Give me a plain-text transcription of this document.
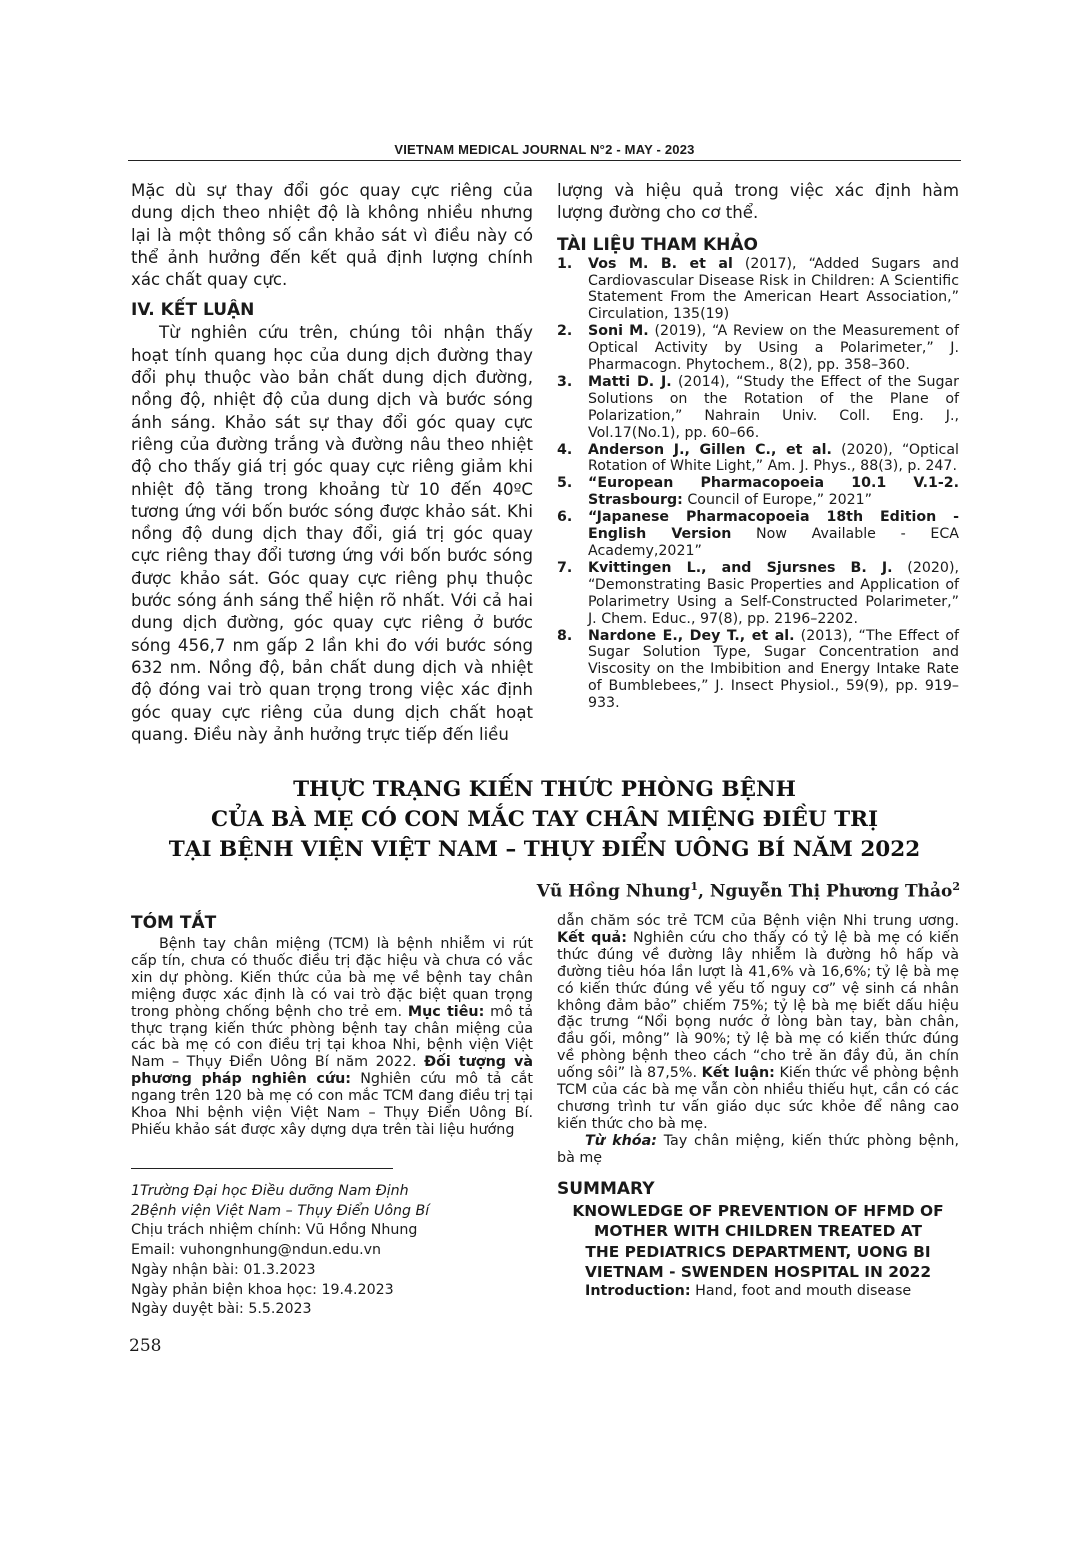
VIETNAM MEDICAL JOURNAL N°2 - MAY - 2023

Mặc dù sự thay đổi góc quay cực riêng của dung dịch theo nhiệt độ là không nhiều nhưng lại là một thông số cần khảo sát vì điều này có thể ảnh hưởng đến kết quả định lượng chính xác chất quay cực.

IV. KẾT LUẬN

Từ nghiên cứu trên, chúng tôi nhận thấy hoạt tính quang học của dung dịch đường thay đổi phụ thuộc vào bản chất dung dịch đường, nồng độ, nhiệt độ của dung dịch và bước sóng ánh sáng. Khảo sát sự thay đổi góc quay cực riêng của đường trắng và đường nâu theo nhiệt độ cho thấy giá trị góc quay cực riêng giảm khi nhiệt độ tăng trong khoảng từ 10 đến 40ºC tương ứng với bốn bước sóng được khảo sát. Khi nồng độ dung dịch thay đổi, giá trị góc quay cực riêng thay đổi tương ứng với bốn bước sóng được khảo sát. Góc quay cực riêng phụ thuộc bước sóng ánh sáng thể hiện rõ nhất. Với cả hai dung dịch đường, góc quay cực riêng ở bước sóng 456,7 nm gấp 2 lần khi đo với bước sóng 632 nm. Nồng độ, bản chất dung dịch và nhiệt độ đóng vai trò quan trọng trong việc xác định góc quay cực riêng của dung dịch chất hoạt quang. Điều này ảnh hưởng trực tiếp đến liều

lượng và hiệu quả trong việc xác định hàm lượng đường cho cơ thể.

TÀI LIỆU THAM KHẢO

1. Vos M. B. et al (2017), “Added Sugars and Cardiovascular Disease Risk in Children: A Scientific Statement From the American Heart Association,” Circulation, 135(19)

2. Soni M. (2019), “A Review on the Measurement of Optical Activity by Using a Polarimeter,” J. Pharmacogn. Phytochem., 8(2), pp. 358–360.

3. Matti D. J. (2014), “Study the Effect of the Sugar Solutions on the Rotation of the Plane of Polarization,” Nahrain Univ. Coll. Eng. J., Vol.17(No.1), pp. 60–66.

4. Anderson J., Gillen C., et al. (2020), “Optical Rotation of White Light,” Am. J. Phys., 88(3), p. 247.

5. “European Pharmacopoeia 10.1 V.1-2. Strasbourg: Council of Europe,” 2021”

6. “Japanese Pharmacopoeia 18th Edition - English Version Now Available - ECA Academy,2021”

7. Kvittingen L., and Sjursnes B. J. (2020), “Demonstrating Basic Properties and Application of Polarimetry Using a Self-Constructed Polarimeter,” J. Chem. Educ., 97(8), pp. 2196–2202.

8. Nardone E., Dey T., et al. (2013), “The Effect of Sugar Solution Type, Sugar Concentration and Viscosity on the Imbibition and Energy Intake Rate of Bumblebees,” J. Insect Physiol., 59(9), pp. 919–933.

THỰC TRẠNG KIẾN THỨC PHÒNG BỆNH
CỦA BÀ MẸ CÓ CON MẮC TAY CHÂN MIỆNG ĐIỀU TRỊ
TẠI BỆNH VIỆN VIỆT NAM – THỤY ĐIỂN UÔNG BÍ NĂM 2022
Vũ Hồng Nhung$^1$, Nguyễn Thị Phương Thảo$^2$

TÓM TẮT

Bệnh tay chân miệng (TCM) là bệnh nhiễm vi rút cấp tín, chưa có thuốc điều trị đặc hiệu và chưa có vắc xin dự phòng. Kiến thức của bà mẹ về bệnh tay chân miệng được xác định là có vai trò đặc biệt quan trọng trong phòng chống bệnh cho trẻ em. Mục tiêu: mô tả thực trạng kiến thức phòng bệnh tay chân miệng của các bà mẹ có con điều trị tại khoa Nhi, bệnh viện Việt Nam – Thụy Điển Uông Bí năm 2022. Đối tượng và phương pháp nghiên cứu: Nghiên cứu mô tả cắt ngang trên 120 bà mẹ có con mắc TCM đang điều trị tại Khoa Nhi bệnh viện Việt Nam – Thụy Điển Uông Bí. Phiếu khảo sát được xây dựng dựa trên tài liệu hướng

1Trường Đại học Điều dưỡng Nam Định
2Bệnh viện Việt Nam – Thụy Điển Uông Bí
Chịu trách nhiệm chính: Vũ Hồng Nhung
Email: vuhongnhung@ndun.edu.vn
Ngày nhận bài: 01.3.2023
Ngày phản biện khoa học: 19.4.2023
Ngày duyệt bài: 5.5.2023
258

dẫn chăm sóc trẻ TCM của Bệnh viện Nhi trung ương. Kết quả: Nghiên cứu cho thấy có tỷ lệ bà mẹ có kiến thức đúng về đường lây nhiễm là đường hô hấp và đường tiêu hóa lần lượt là 41,6% và 16,6%; tỷ lệ bà mẹ có kiến thức đúng về yếu tố nguy cơ” vệ sinh cá nhân không đảm bảo” chiếm 75%; tỷ lệ bà mẹ biết dấu hiệu đặc trưng “Nổi bọng nước ở lòng bàn tay, bàn chân, đầu gối, mông” là 90%; tỷ lệ bà mẹ có kiến thức đúng về phòng bệnh theo cách “cho trẻ ăn đầy đủ, ăn chín uống sôi” là 87,5%. Kết luận: Kiến thức về phòng bệnh TCM của các bà mẹ vẫn còn nhiều thiếu hụt, cần có các chương trình tư vấn giáo dục sức khỏe để nâng cao kiến thức cho bà mẹ.

Từ khóa: Tay chân miệng, kiến thức phòng bệnh, bà mẹ

SUMMARY

KNOWLEDGE OF PREVENTION OF HFMD OF

MOTHER WITH CHILDREN TREATED AT

THE PEDIATRICS DEPARTMENT, UONG BI

VIETNAM - SWENDEN HOSPITAL IN 2022

Introduction: Hand, foot and mouth disease
